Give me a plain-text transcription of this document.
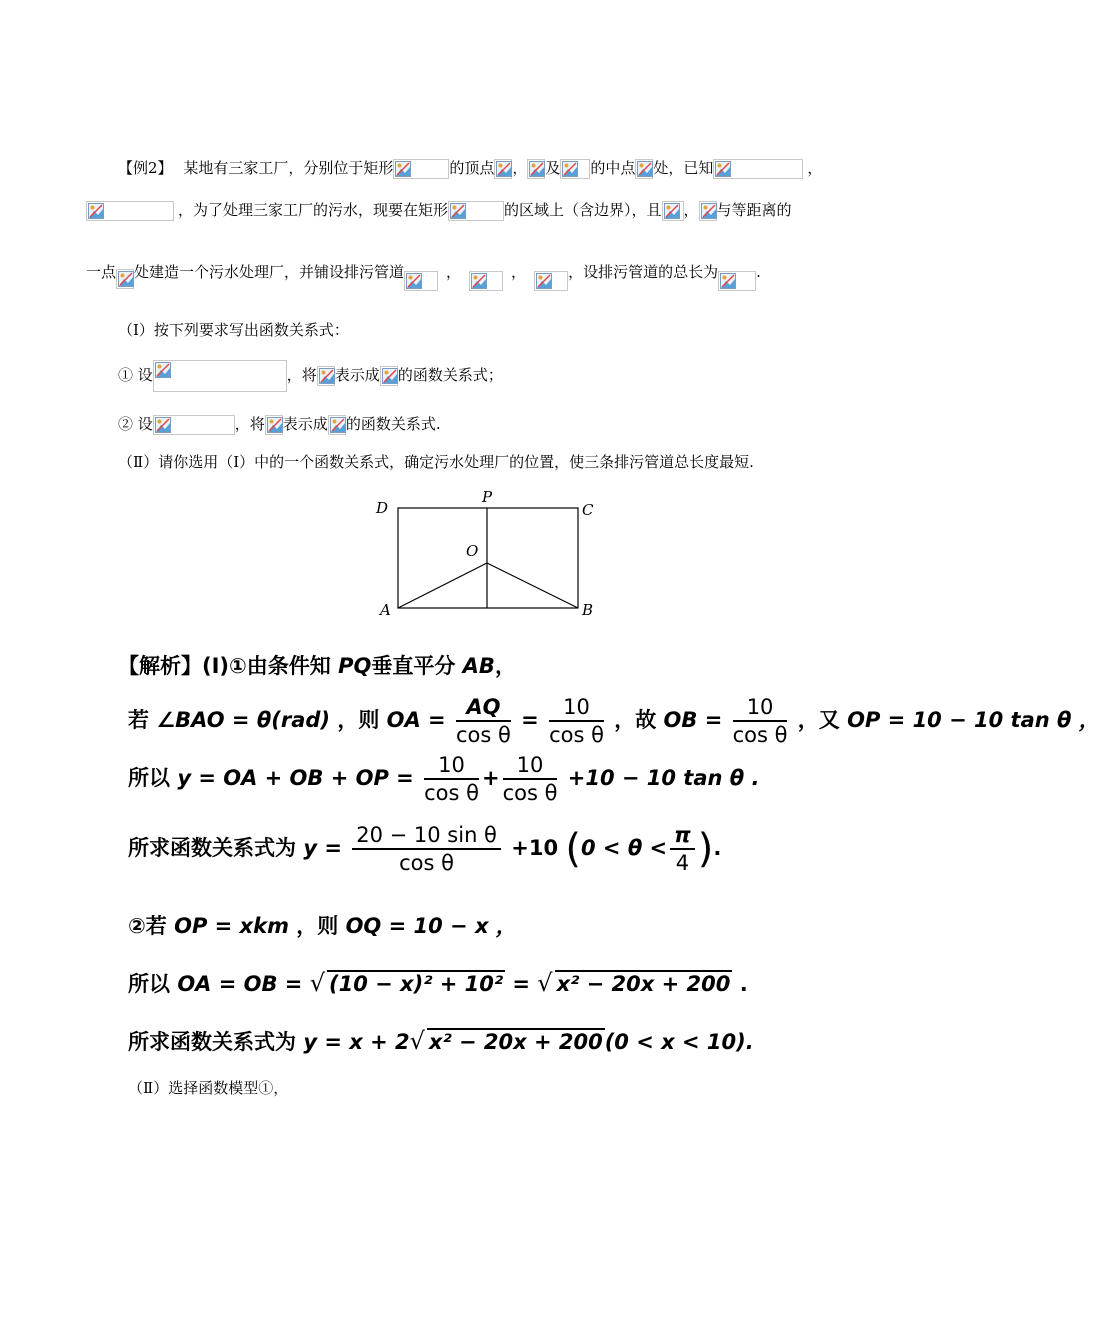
【例2】 某地有三家工厂，分别位于矩形	的顶点 ， 及 的中点 处，已知	，
，为了处理三家工厂的污水，现要在矩形	的区域上（含边界），且 ， 与等距离的
一点 处建造一个污水处理厂，并铺设排污管道	，	，	，设排污管道的总长为	.
（Ⅰ）按下列要求写出函数关系式：
① 设	，将 表示成 的函数关系式；
② 设	，将 表示成 的函数关系式.
（Ⅱ）请你选用（Ⅰ）中的一个函数关系式，确定污水处理厂的位置，使三条排污管道总长度最短.
D
P
C
O
A	B
【解析】(Ⅰ)①由条件知 PQ垂直平分 AB，
若 ∠BAO = θ(rad) ，则 OA = $\frac{AQ}{\text{cos θ}} = \frac{10}{\text{cos θ}}$ ，故 OB = $\frac{10}{\text{cos θ}}$ ，又 OP = 10 − 10 tan θ ，
所以 y = OA + OB + OP = $\frac{10}{\text{cos θ}} + \frac{10}{\text{cos θ}} +10 - 10$ tan θ .
所求函数关系式为 $y = \frac{\text{20 − 10 sin θ}}{\text{cos θ}} +10$ ($0 < \theta < \frac{\pi}{4}$ ).
②若 OP = xkm ，则 OQ = 10 − x ，
所以 OA = OB = √ (10 − x)² + 10² = √ x² − 20x + 200 .
所求函数关系式为 y = x + 2√ x² − 20x + 200(0 < x < 10).
（Ⅱ）选择函数模型①，
